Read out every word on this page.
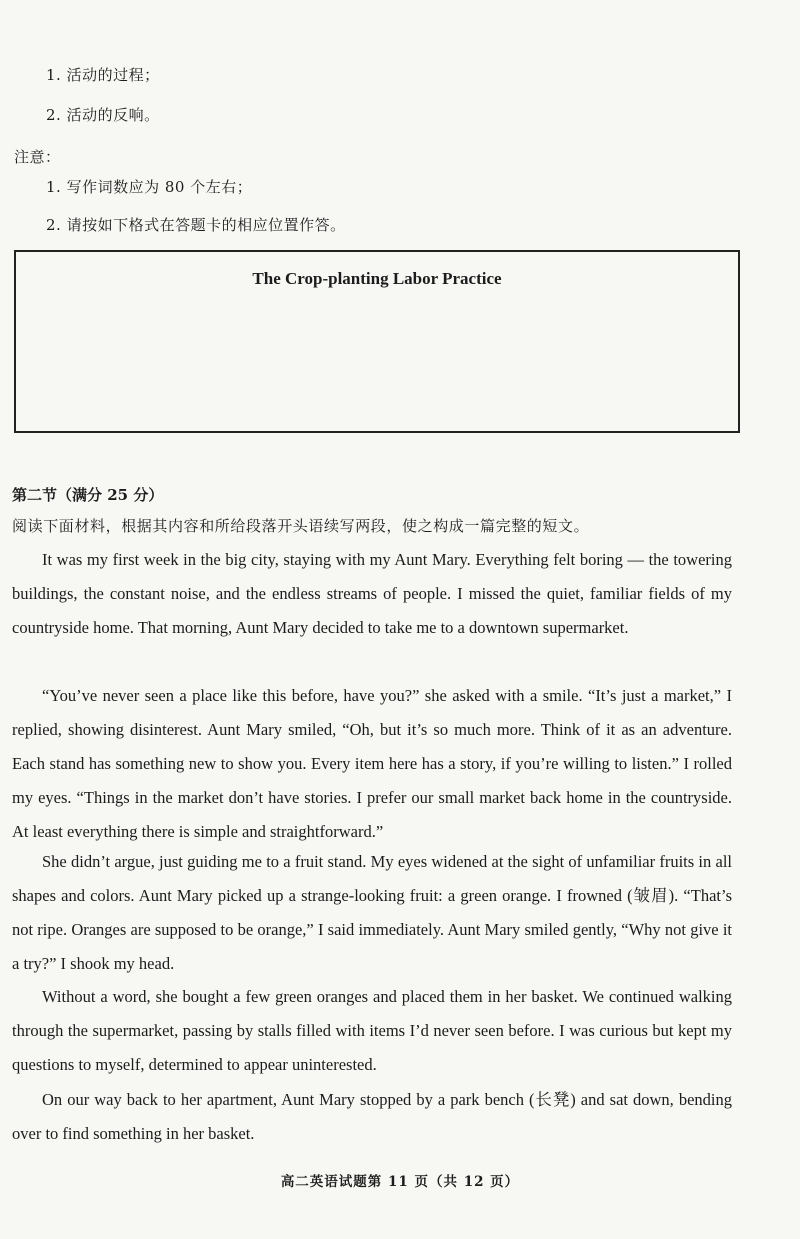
1. 活动的过程；
2. 活动的反响。
注意：
1. 写作词数应为 80 个左右；
2. 请按如下格式在答题卡的相应位置作答。
The Crop-planting Labor Practice
第二节（满分 25 分）
阅读下面材料，根据其内容和所给段落开头语续写两段，使之构成一篇完整的短文。
It was my first week in the big city, staying with my Aunt Mary. Everything felt boring — the towering buildings, the constant noise, and the endless streams of people. I missed the quiet, familiar fields of my countryside home. That morning, Aunt Mary decided to take me to a downtown supermarket.
“You’ve never seen a place like this before, have you?” she asked with a smile. “It’s just a market,” I replied, showing disinterest. Aunt Mary smiled, “Oh, but it’s so much more. Think of it as an adventure. Each stand has something new to show you. Every item here has a story, if you’re willing to listen.” I rolled my eyes. “Things in the market don’t have stories. I prefer our small market back home in the countryside. At least everything there is simple and straightforward.”
She didn’t argue, just guiding me to a fruit stand. My eyes widened at the sight of unfamiliar fruits in all shapes and colors. Aunt Mary picked up a strange-looking fruit: a green orange. I frowned (皱眉). “That’s not ripe. Oranges are supposed to be orange,” I said immediately. Aunt Mary smiled gently, “Why not give it a try?” I shook my head.
Without a word, she bought a few green oranges and placed them in her basket. We continued walking through the supermarket, passing by stalls filled with items I’d never seen before. I was curious but kept my questions to myself, determined to appear uninterested.
On our way back to her apartment, Aunt Mary stopped by a park bench (长凳) and sat down, bending over to find something in her basket.
高二英语试题第 11 页（共 12 页）
